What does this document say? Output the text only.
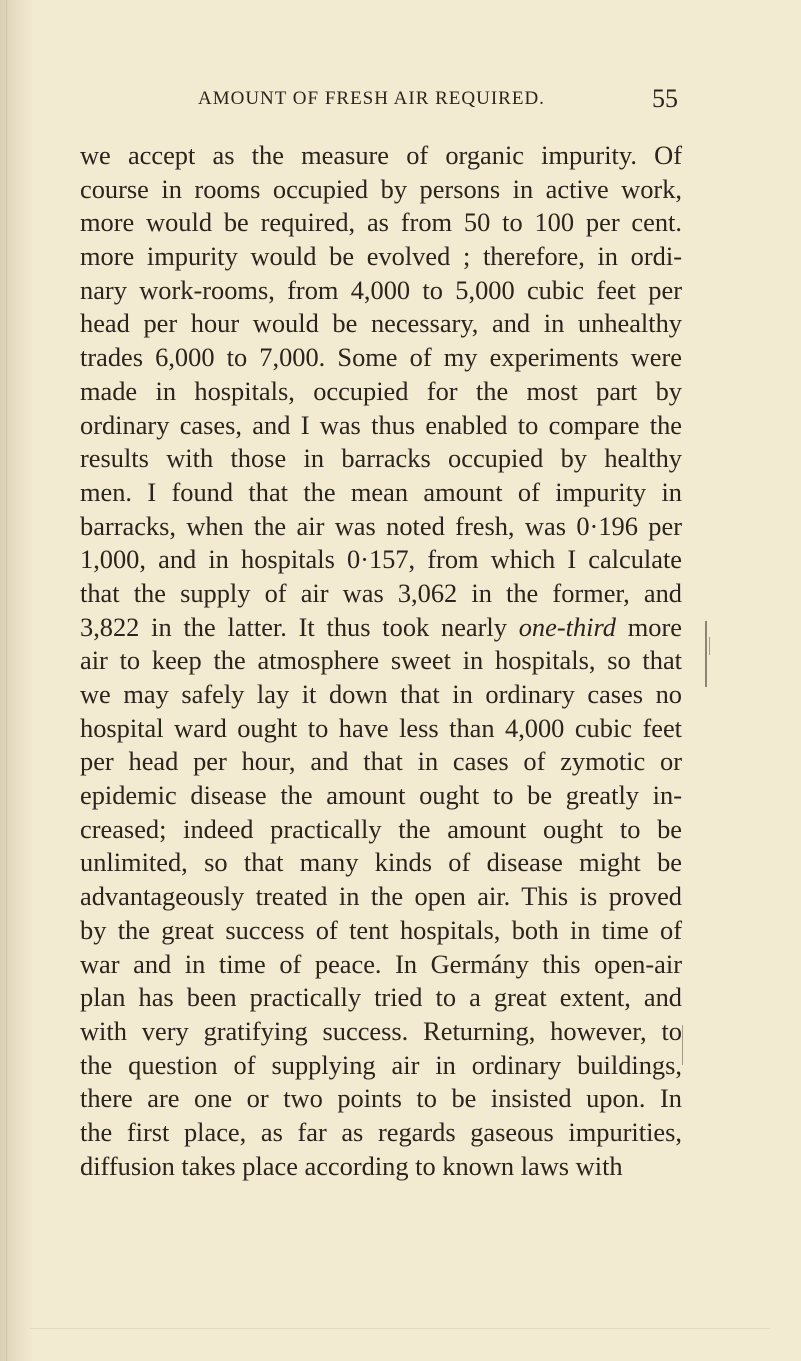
AMOUNT OF FRESH AIR REQUIRED.	55
we accept as the measure of organic impurity. Of
course in rooms occupied by persons in active work,
more would be required, as from 50 to 100 per cent.
more impurity would be evolved ; therefore, in ordi-
nary work-rooms, from 4,000 to 5,000 cubic feet per
head per hour would be necessary, and in unhealthy
trades 6,000 to 7,000. Some of my experiments were
made in hospitals, occupied for the most part by
ordinary cases, and I was thus enabled to compare the
results with those in barracks occupied by healthy
men. I found that the mean amount of impurity in
barracks, when the air was noted fresh, was 0·196 per
1,000, and in hospitals 0·157, from which I calculate
that the supply of air was 3,062 in the former, and
3,822 in the latter. It thus took nearly one-third more
air to keep the atmosphere sweet in hospitals, so that
we may safely lay it down that in ordinary cases no
hospital ward ought to have less than 4,000 cubic feet
per head per hour, and that in cases of zymotic or
epidemic disease the amount ought to be greatly in-
creased; indeed practically the amount ought to be
unlimited, so that many kinds of disease might be
advantageously treated in the open air. This is proved
by the great success of tent hospitals, both in time of
war and in time of peace. In Germány this open-air
plan has been practically tried to a great extent, and
with very gratifying success. Returning, however, to
the question of supplying air in ordinary buildings,
there are one or two points to be insisted upon. In
the first place, as far as regards gaseous impurities,
diffusion takes place according to known laws with
